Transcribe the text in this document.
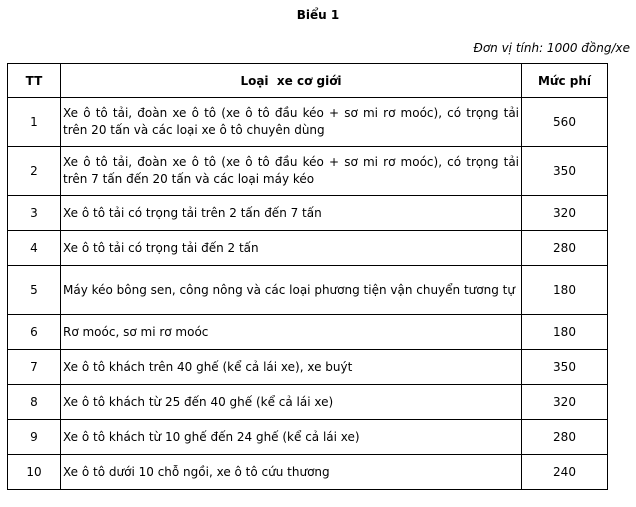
Biểu 1
Đơn vị tính: 1000 đồng/xe
TT	Loại  xe cơ giới	Mức phí
1	Xe ô tô tải, đoàn xe ô tô (xe ô tô đầu kéo + sơ mi rơ moóc), có trọng tải trên 20 tấn và các loại xe ô tô chuyên dùng	560
2	Xe ô tô tải, đoàn xe ô tô (xe ô tô đầu kéo + sơ mi rơ moóc), có trọng tải trên 7 tấn đến 20 tấn và các loại máy kéo	350
3	Xe ô tô tải có trọng tải trên 2 tấn đến 7 tấn	320
4	Xe ô tô tải có trọng tải đến 2 tấn	280
5	Máy kéo bông sen, công nông và các loại phương tiện vận chuyển tương tự	180
6	Rơ moóc, sơ mi rơ moóc	180
7	Xe ô tô khách trên 40 ghế (kể cả lái xe), xe buýt	350
8	Xe ô tô khách từ 25 đến 40 ghế (kể cả lái xe)	320
9	Xe ô tô khách từ 10 ghế đến 24 ghế (kể cả lái xe)	280
10	Xe ô tô dưới 10 chỗ ngồi, xe ô tô cứu thương	240
